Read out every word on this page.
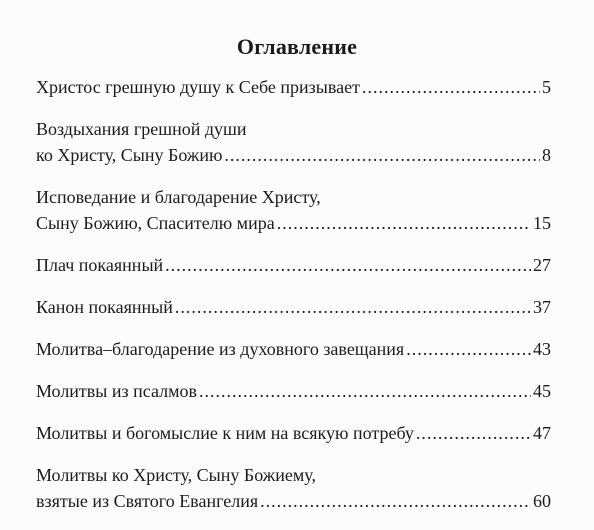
Оглавление
Христос грешную душу к Себе призывает .....	5
Воздыхания грешной души
ко Христу, Сыну Божию .....	8
Исповедание и благодарение Христу,
Сыну Божию, Спасителю мира .....	15
Плач покаянный .....	27
Канон покаянный .....	37
Молитва–благодарение из духовного завещания .....	43
Молитвы из псалмов .....	45
Молитвы и богомыслие к ним на всякую потребу .....	47
Молитвы ко Христу, Сыну Божиему,
взятые из Святого Евангелия .....	60
